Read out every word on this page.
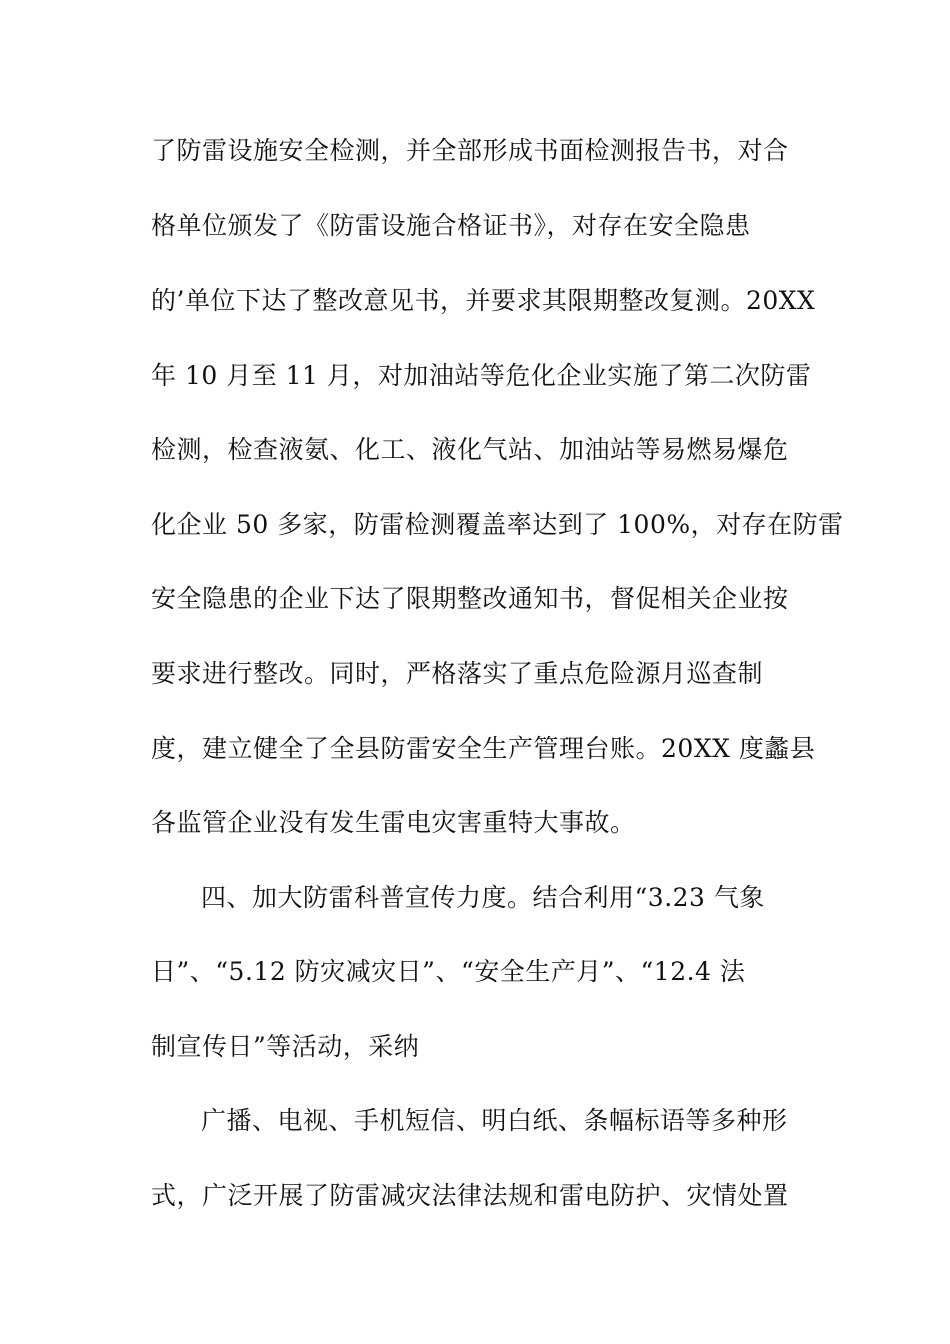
了防雷设施安全检测，并全部形成书面检测报告书，对合
格单位颁发了《防雷设施合格证书》，对存在安全隐患
的’单位下达了整改意见书，并要求其限期整改复测。20XX
年 10 月至 11 月，对加油站等危化企业实施了第二次防雷
检测，检查液氨、化工、液化气站、加油站等易燃易爆危
化企业 50 多家，防雷检测覆盖率达到了 100%，对存在防雷
安全隐患的企业下达了限期整改通知书，督促相关企业按
要求进行整改。同时，严格落实了重点危险源月巡查制
度，建立健全了全县防雷安全生产管理台账。20XX 度蠡县
各监管企业没有发生雷电灾害重特大事故。
四、加大防雷科普宣传力度。结合利用“3.23 气象
日”、“5.12 防灾减灾日”、“安全生产月”、“12.4 法
制宣传日”等活动，采纳
广播、电视、手机短信、明白纸、条幅标语等多种形
式，广泛开展了防雷减灾法律法规和雷电防护、灾情处置
